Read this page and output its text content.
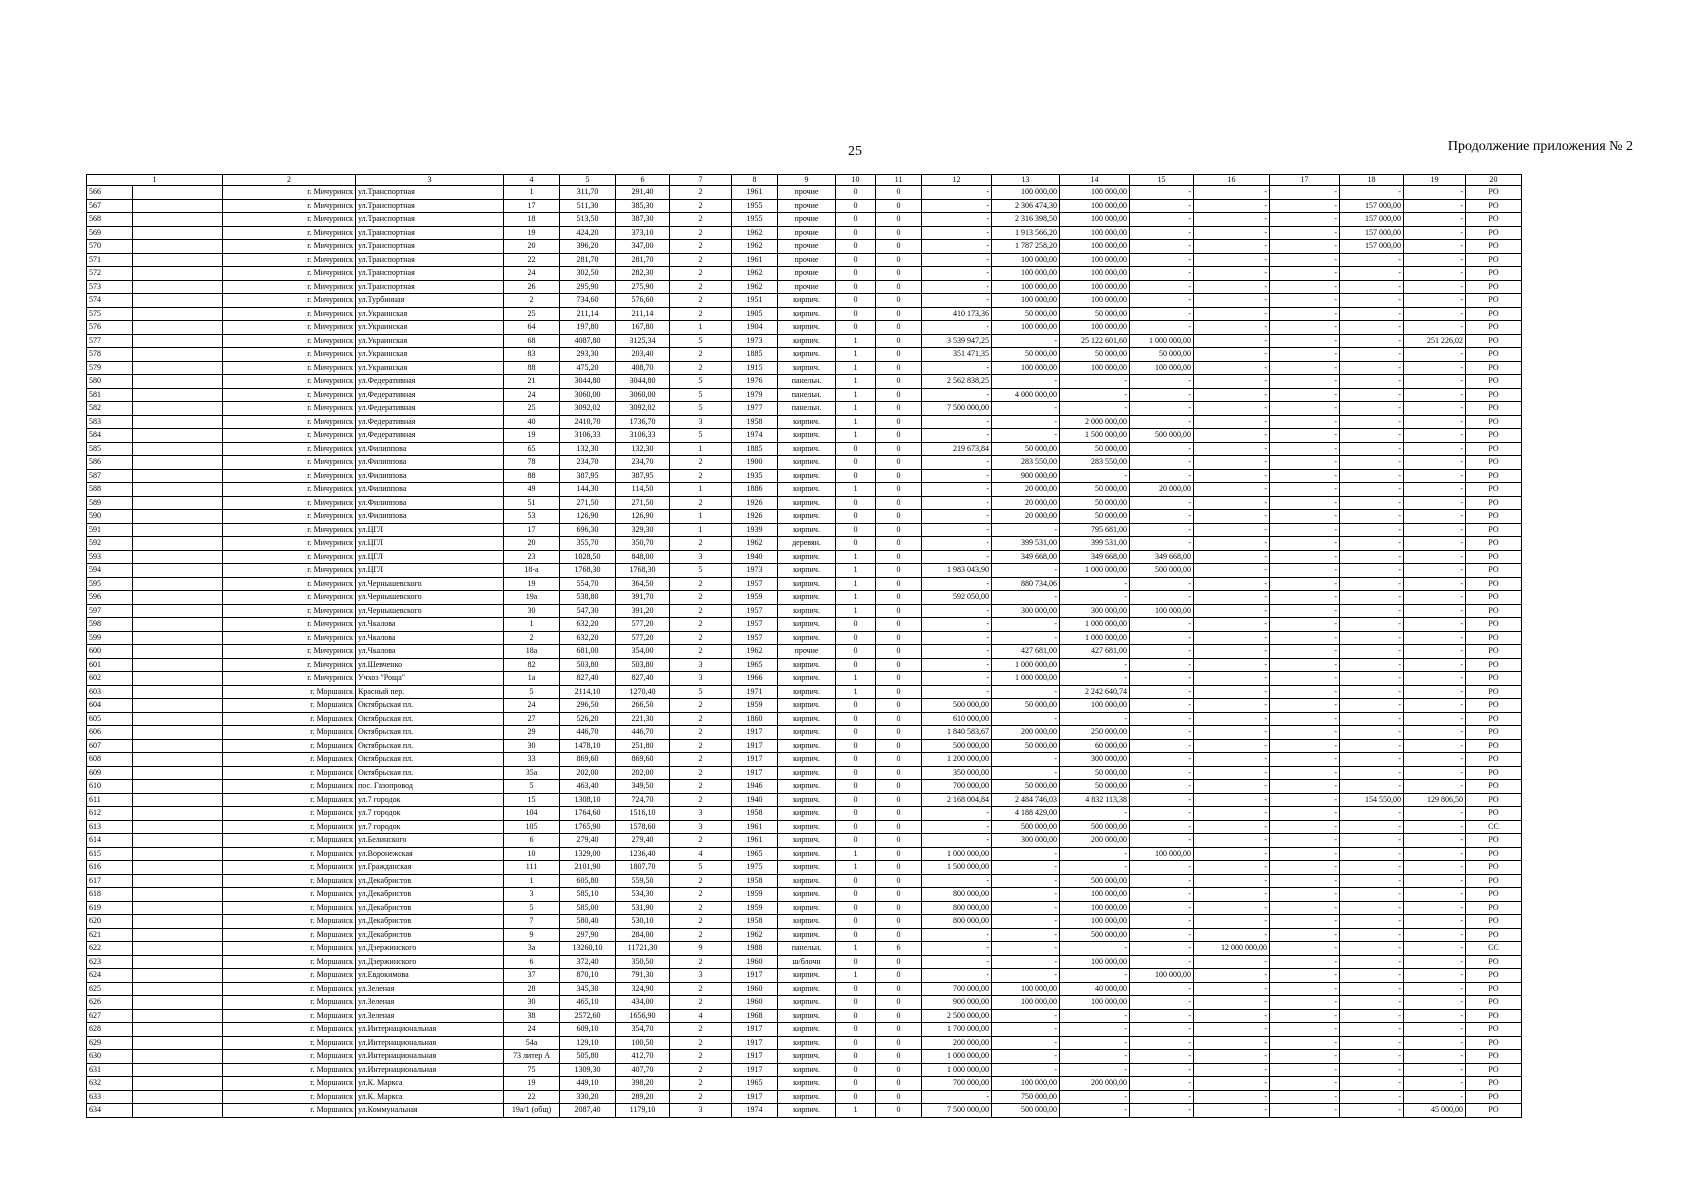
25	Продолжение приложения № 2
1		2	3	4	5	6	7	8	9	10	11	12	13	14	15	16	17	18	19	20
566		г. Мичуринск	ул.Транспортная	1	311,70	291,40	2	1961	прочие	0	0	-	100 000,00	100 000,00	-	-	-	-	-	РО
567		г. Мичуринск	ул.Транспортная	17	511,30	385,30	2	1955	прочие	0	0	-	2 306 474,30	100 000,00	-	-	-	157 000,00	-	РО
568		г. Мичуринск	ул.Транспортная	18	513,50	387,30	2	1955	прочие	0	0	-	2 316 398,50	100 000,00	-	-	-	157 000,00	-	РО
569		г. Мичуринск	ул.Транспортная	19	424,20	373,10	2	1962	прочие	0	0	-	1 913 566,20	100 000,00	-	-	-	157 000,00	-	РО
570		г. Мичуринск	ул.Транспортная	20	396,20	347,00	2	1962	прочие	0	0	-	1 787 258,20	100 000,00	-	-	-	157 000,00	-	РО
571		г. Мичуринск	ул.Транспортная	22	281,70	281,70	2	1961	прочие	0	0	-	100 000,00	100 000,00	-	-	-	-	-	РО
572		г. Мичуринск	ул.Транспортная	24	302,50	282,30	2	1962	прочие	0	0	-	100 000,00	100 000,00	-	-	-	-	-	РО
573		г. Мичуринск	ул.Транспортная	26	295,90	275,90	2	1962	прочие	0	0	-	100 000,00	100 000,00	-	-	-	-	-	РО
574		г. Мичуринск	ул.Турбинная	2	734,60	576,60	2	1951	кирпич.	0	0	-	100 000,00	100 000,00	-	-	-	-	-	РО
575		г. Мичуринск	ул.Украинская	25	211,14	211,14	2	1905	кирпич.	0	0	410 173,36	50 000,00	50 000,00	-	-	-	-	-	РО
576		г. Мичуринск	ул.Украинская	64	197,80	167,80	1	1904	кирпич.	0	0	-	100 000,00	100 000,00	-	-	-	-	-	РО
577		г. Мичуринск	ул.Украинская	68	4087,80	3125,34	5	1973	кирпич.	1	0	3 539 947,25	-	25 122 601,60	1 000 000,00	-	-	-	251 226,02	РО
578		г. Мичуринск	ул.Украинская	83	293,30	203,40	2	1885	кирпич.	1	0	351 471,35	50 000,00	50 000,00	50 000,00	-	-	-	-	РО
579		г. Мичуринск	ул.Украинская	88	475,20	408,70	2	1915	кирпич.	1	0	-	100 000,00	100 000,00	100 000,00	-	-	-	-	РО
580		г. Мичуринск	ул.Федеративная	21	3044,80	3044,80	5	1976	панельн.	1	0	2 562 838,25	-	-	-	-	-	-	-	РО
581		г. Мичуринск	ул.Федеративная	24	3060,00	3060,00	5	1979	панельн.	1	0	-	4 000 000,00	-	-	-	-	-	-	РО
582		г. Мичуринск	ул.Федеративная	25	3092,02	3092,02	5	1977	панельн.	1	0	7 500 000,00	-	-	-	-	-	-	-	РО
583		г. Мичуринск	ул.Федеративная	40	2410,70	1736,70	3	1958	кирпич.	1	0	-	-	2 000 000,00	-	-	-	-	-	РО
584		г. Мичуринск	ул.Федеративная	19	3106,33	3106,33	5	1974	кирпич.	1	0	-	-	1 500 000,00	500 000,00	-	-	-	-	РО
585		г. Мичуринск	ул.Филиппова	65	132,30	132,30	1	1885	кирпич.	0	0	219 673,84	50 000,00	50 000,00	-	-	-	-	-	РО
586		г. Мичуринск	ул.Филиппова	78	234,70	234,70	2	1900	кирпич.	0	0	-	283 550,00	283 550,00	-	-	-	-	-	РО
587		г. Мичуринск	ул.Филиппова	88	387,95	387,95	2	1935	кирпич.	0	0	-	900 000,00	-	-	-	-	-	-	РО
588		г. Мичуринск	ул.Филиппова	49	144,30	114,50	1	1886	кирпич.	1	0	-	20 000,00	50 000,00	20 000,00	-	-	-	-	РО
589		г. Мичуринск	ул.Филиппова	51	271,50	271,50	2	1926	кирпич.	0	0	-	20 000,00	50 000,00	-	-	-	-	-	РО
590		г. Мичуринск	ул.Филиппова	53	126,90	126,90	1	1926	кирпич.	0	0	-	20 000,00	50 000,00	-	-	-	-	-	РО
591		г. Мичуринск	ул.ЦГЛ	17	696,30	329,30	1	1939	кирпич.	0	0	-	-	795 681,00	-	-	-	-	-	РО
592		г. Мичуринск	ул.ЦГЛ	20	355,70	350,70	2	1962	деревян.	0	0	-	399 531,00	399 531,00	-	-	-	-	-	РО
593		г. Мичуринск	ул.ЦГЛ	23	1028,50	848,00	3	1940	кирпич.	1	0	-	349 668,00	349 668,00	349 668,00	-	-	-	-	РО
594		г. Мичуринск	ул.ЦГЛ	18-а	1768,30	1768,30	5	1973	кирпич.	1	0	1 983 043,90	-	1 000 000,00	500 000,00	-	-	-	-	РО
595		г. Мичуринск	ул.Чернышевского	19	554,70	364,50	2	1957	кирпич.	1	0	-	880 734,06	-	-	-	-	-	-	РО
596		г. Мичуринск	ул.Чернышевского	19а	538,80	391,70	2	1959	кирпич.	1	0	592 050,00	-	-	-	-	-	-	-	РО
597		г. Мичуринск	ул.Чернышевского	30	547,30	391,20	2	1957	кирпич.	1	0	-	300 000,00	300 000,00	100 000,00	-	-	-	-	РО
598		г. Мичуринск	ул.Чкалова	1	632,20	577,20	2	1957	кирпич.	0	0	-	-	1 000 000,00	-	-	-	-	-	РО
599		г. Мичуринск	ул.Чкалова	2	632,20	577,20	2	1957	кирпич.	0	0	-	-	1 000 000,00	-	-	-	-	-	РО
600		г. Мичуринск	ул.Чкалова	18а	681,00	354,00	2	1962	прочие	0	0	-	427 681,00	427 681,00	-	-	-	-	-	РО
601		г. Мичуринск	ул.Шевченко	82	503,80	503,80	3	1965	кирпич.	0	0	-	1 000 000,00	-	-	-	-	-	-	РО
602		г. Мичуринск	Учхоз "Роща"	1а	827,40	827,40	3	1966	кирпич.	1	0	-	1 000 000,00	-	-	-	-	-	-	РО
603		г. Моршанск	Красный пер.	5	2114,10	1270,40	5	1971	кирпич.	1	0	-	-	2 242 640,74	-	-	-	-	-	РО
604		г. Моршанск	Октябрьская пл.	24	296,50	266,50	2	1959	кирпич.	0	0	500 000,00	50 000,00	100 000,00	-	-	-	-	-	РО
605		г. Моршанск	Октябрьская пл.	27	526,20	221,30	2	1860	кирпич.	0	0	610 000,00	-	-	-	-	-	-	-	РО
606		г. Моршанск	Октябрьская пл.	29	446,70	446,70	2	1917	кирпич.	0	0	1 840 583,67	200 000,00	250 000,00	-	-	-	-	-	РО
607		г. Моршанск	Октябрьская пл.	30	1478,10	251,80	2	1917	кирпич.	0	0	500 000,00	50 000,00	60 000,00	-	-	-	-	-	РО
608		г. Моршанск	Октябрьская пл.	33	869,60	869,60	2	1917	кирпич.	0	0	1 200 000,00	-	300 000,00	-	-	-	-	-	РО
609		г. Моршанск	Октябрьская пл.	35а	202,00	202,00	2	1917	кирпич.	0	0	350 000,00	-	50 000,00	-	-	-	-	-	РО
610		г. Моршанск	пос. Газопровод	5	463,40	349,50	2	1946	кирпич.	0	0	700 000,00	50 000,00	50 000,00	-	-	-	-	-	РО
611		г. Моршанск	ул.7 городок	15	1308,10	724,70	2	1940	кирпич.	0	0	2 168 004,84	2 484 746,03	4 832 113,38	-	-	-	154 550,00	129 806,50	РО
612		г. Моршанск	ул.7 городок	104	1764,60	1516,10	3	1958	кирпич.	0	0	-	4 188 429,00	-	-	-	-	-	-	РО
613		г. Моршанск	ул.7 городок	105	1765,90	1578,60	3	1961	кирпич.	0	0	-	500 000,00	500 000,00	-	-	-	-	-	СС
614		г. Моршанск	ул.Белинского	6	279,40	279,40	2	1961	кирпич.	0	0	-	300 000,00	200 000,00	-	-	-	-	-	РО
615		г. Моршанск	ул.Воронежская	10	1329,00	1236,40	4	1965	кирпич.	1	0	1 000 000,00	-	-	100 000,00	-	-	-	-	РО
616		г. Моршанск	ул.Гражданская	111	2101,90	1807,70	5	1975	кирпич.	1	0	1 500 000,00	-	-	-	-	-	-	-	РО
617		г. Моршанск	ул.Декабристов	1	605,80	559,50	2	1958	кирпич.	0	0	-	-	500 000,00	-	-	-	-	-	РО
618		г. Моршанск	ул.Декабристов	3	585,10	534,30	2	1959	кирпич.	0	0	800 000,00	-	100 000,00	-	-	-	-	-	РО
619		г. Моршанск	ул.Декабристов	5	585,00	531,90	2	1959	кирпич.	0	0	800 000,00	-	100 000,00	-	-	-	-	-	РО
620		г. Моршанск	ул.Декабристов	7	580,40	530,10	2	1958	кирпич.	0	0	800 000,00	-	100 000,00	-	-	-	-	-	РО
621		г. Моршанск	ул.Декабристов	9	297,90	284,00	2	1962	кирпич.	0	0	-	-	500 000,00	-	-	-	-	-	РО
622		г. Моршанск	ул.Дзержинского	3а	13260,10	11721,30	9	1988	панельн.	1	6	-	-	-	-	12 000 000,00	-	-	-	СС
623		г. Моршанск	ул.Дзержинского	6	372,40	350,50	2	1960	ш/блочн	0	0	-	-	100 000,00	-	-	-	-	-	РО
624		г. Моршанск	ул.Евдокимова	37	870,10	791,30	3	1917	кирпич.	1	0	-	-	-	100 000,00	-	-	-	-	РО
625		г. Моршанск	ул.Зеленая	28	345,30	324,90	2	1960	кирпич.	0	0	700 000,00	100 000,00	40 000,00	-	-	-	-	-	РО
626		г. Моршанск	ул.Зеленая	30	465,10	434,00	2	1960	кирпич.	0	0	900 000,00	100 000,00	100 000,00	-	-	-	-	-	РО
627		г. Моршанск	ул.Зеленая	38	2572,60	1656,90	4	1968	кирпич.	0	0	2 500 000,00	-	-	-	-	-	-	-	РО
628		г. Моршанск	ул.Интернациональная	24	609,10	354,70	2	1917	кирпич.	0	0	1 700 000,00	-	-	-	-	-	-	-	РО
629		г. Моршанск	ул.Интернациональная	54а	129,10	100,50	2	1917	кирпич.	0	0	200 000,00	-	-	-	-	-	-	-	РО
630		г. Моршанск	ул.Интернациональная	73 литер А	505,80	412,70	2	1917	кирпич.	0	0	1 000 000,00	-	-	-	-	-	-	-	РО
631		г. Моршанск	ул.Интернациональная	75	1309,30	407,70	2	1917	кирпич.	0	0	1 000 000,00	-	-	-	-	-	-	-	РО
632		г. Моршанск	ул.К. Маркса	19	449,10	398,20	2	1965	кирпич.	0	0	700 000,00	100 000,00	200 000,00	-	-	-	-	-	РО
633		г. Моршанск	ул.К. Маркса	22	330,20	289,20	2	1917	кирпич.	0	0	-	750 000,00	-	-	-	-	-	-	РО
634		г. Моршанск	ул.Коммунальная	19а/1 (общ)	2087,40	1179,10	3	1974	кирпич.	1	0	7 500 000,00	500 000,00	-	-	-	-	-	45 000,00	РО
